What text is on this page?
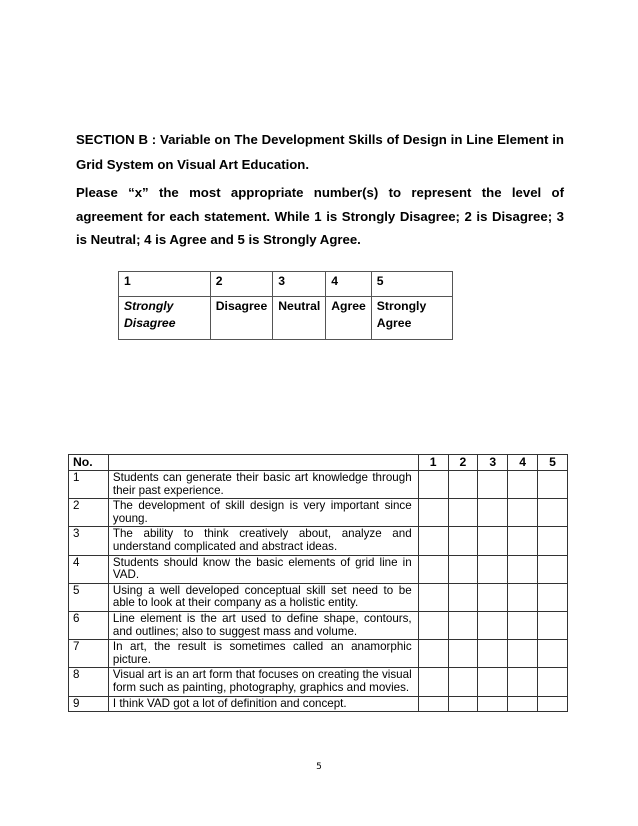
SECTION B : Variable on The Development Skills of Design in Line Element in Grid System on Visual Art Education.

Please “x” the most appropriate number(s) to represent the level of agreement for each statement. While 1 is Strongly Disagree; 2 is Disagree; 3 is Neutral; 4 is Agree and 5 is Strongly Agree.

1	2	3	4	5
Strongly Disagree	Disagree	Neutral	Agree	Strongly Agree
No.		1	2	3	4	5
1	Students can generate their basic art knowledge through their past experience.					
2	The development of skill design is very important since young.					
3	The ability to think creatively about, analyze and understand complicated and abstract ideas.					
4	Students should know the basic elements of grid line in VAD.					
5	Using a well developed conceptual skill set need to be able to look at their company as a holistic entity.					
6	Line element is the art used to define shape, contours, and outlines; also to suggest mass and volume.					
7	In art, the result is sometimes called an anamorphic picture.					
8	Visual art is an art form that focuses on creating the visual form such as painting, photography, graphics and movies.					
9	I think VAD got a lot of definition and concept.					
5
